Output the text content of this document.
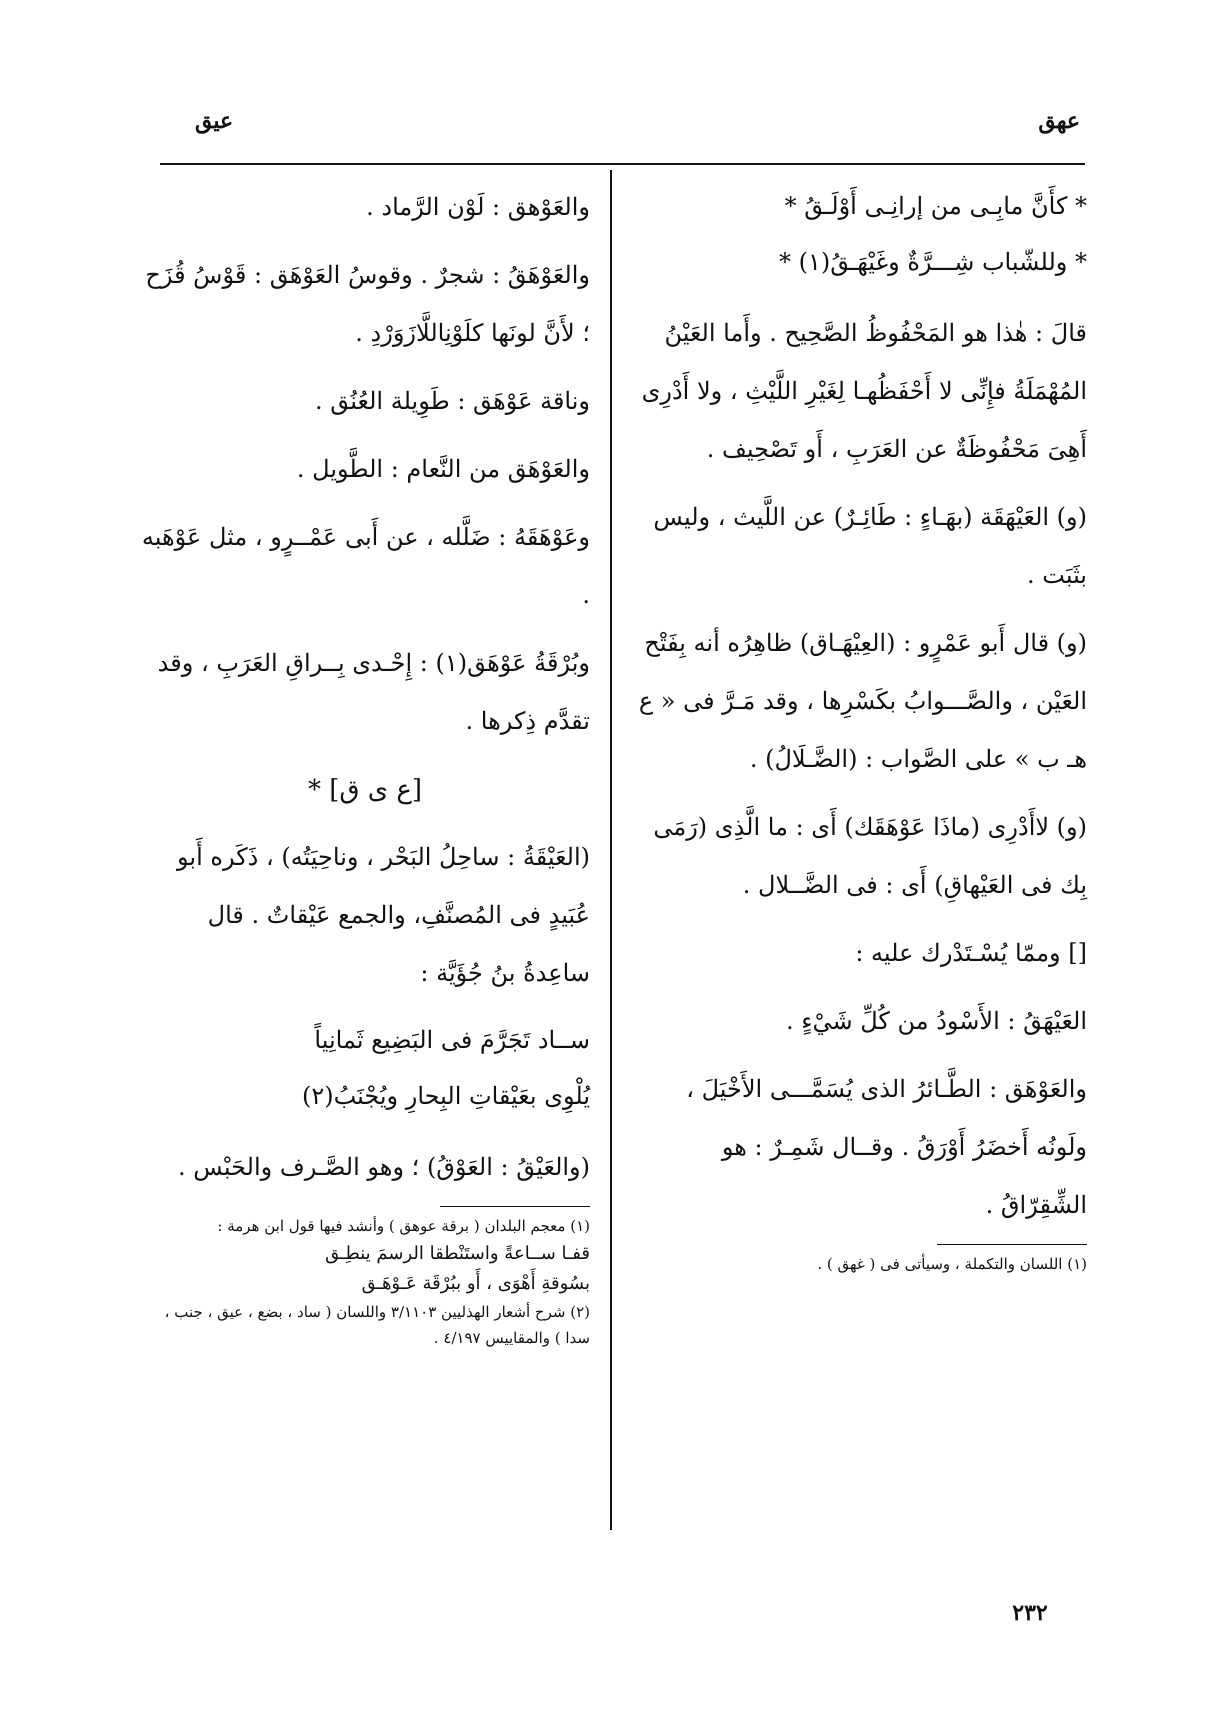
عهق
عيق
* كأَنَّ مابِـى من إرانِـى أَوْلَـقُ *
* وللشّباب شِـــرَّةٌ وغَيْهَـقُ(١) *

قالَ : هٰذا هو المَحْفُوظُ الصَّحِيح . وأَما العَيْنُ المُهْمَلَةُ فإِنِّى لا أَحْفَظُهـا لِغَيْرِ اللَّيْثِ ، ولا أَدْرِى أَهِىَ مَحْفُوظَةٌ عن العَرَبِ ، أَو تَصْحِيف .

(و) العَيْهَقَة (بهَـاءٍ : طَائِـرٌ) عن اللَّيث ، وليس بثَبَت .

(و) قال أَبو عَمْرٍو : (العِيْهَـاق) ظاهِرُه أنه بِفَتْح العَيْن ، والصَّـــوابُ بكَسْرِها ، وقد مَـرَّ فى « ع هـ ب » على الصَّواب : (الضَّـلَالُ) .

(و) لاأَدْرِى (ماذَا عَوْهَقَك) أَى : ما الَّذِى (رَمَى بِك فى العَيْهاقِ) أَى : فى الضَّــلال .

[] وممّا يُسْـتَدْرك عليه :

العَيْهَقُ : الأَسْودُ من كُلِّ شَيْءٍ .

والعَوْهَق : الطَّـائرُ الذى يُسَمَّـــى الأَخْيَلَ ، ولَونُه أَخضَرُ أَوْرَقُ . وقــال شَمِـرٌ : هو الشِّقِرّاقُ .

(١) اللسان والتكملة ، وسيأتى فى ( غهق ) .

والعَوْهق : لَوْن الرَّماد .

والعَوْهَقُ : شجرٌ . وقوسُ العَوْهَق : قَوْسُ قُزَح ؛ لأَنَّ لونَها كلَوْنِاللَّازَوَرْدِ .

وناقة عَوْهَق : طَوِيلة العُنُق .

والعَوْهَق من النَّعام : الطَّويل .

وعَوْهَقَهُ : ضَلَّله ، عن أَبى عَمْــرٍو ، مثل عَوْهَبه .

وبُرْقَةُ عَوْهَق(١) : إِحْـدى بِــراقِ العَرَبِ ، وقد تقدَّم ذِكرها .

[ع ى ق] *

(العَيْقَةُ : ساحِلُ البَحْر ، وناحِيَتُه) ، ذَكَره أَبو عُبَيدٍ فى المُصنَّفِ، والجمع عَيْقاتٌ . قال ساعِدةُ بنُ جُؤَيَّة :

ســاد تَجَرَّمَ فى البَضِيع ثَمانِياً
يُلْوِى بعَيْقاتِ البِحارِ ويُجْنَبُ(٢)

(والعَيْقُ : العَوْقُ) ؛ وهو الصَّـرف والحَبْس .

(١) معجم البلدان ( برقة عوهق ) وأنشد فيها قول ابن هرمة :

قفـا ســاعةً واستَنْطقا الرسمَ ينطِـق

بسُوقةِ أَهْوَى ، أَو ببُرْقَة عَـوْهَـق

(٢) شرح أشعار الهذليين ٣/١١٠٣ واللسان ( ساد ، بضع ، عيق ، جنب ، سدا ) والمقاييس ٤/١٩٧ .

٢٣٢
